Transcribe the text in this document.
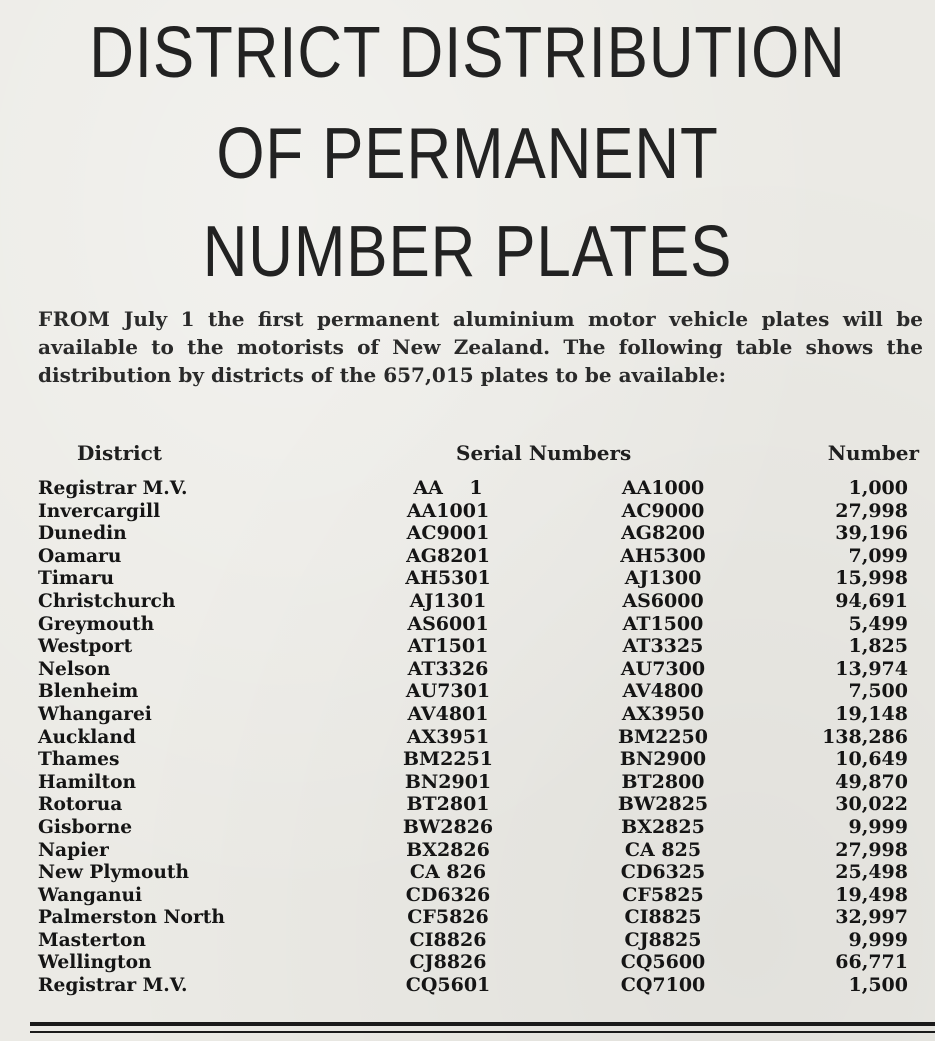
DISTRICT DISTRIBUTION
OF PERMANENT
NUMBER PLATES

FROM July 1 the first permanent aluminium motor vehicle plates will be available to the motorists of New Zealand. The following table shows the distribution by districts of the 657,015 plates to be available:

District	Serial Numbers	Number
Registrar M.V.	AA    1	AA1000	1,000
Invercargill	AA1001	AC9000	27,998
Dunedin	AC9001	AG8200	39,196
Oamaru	AG8201	AH5300	7,099
Timaru	AH5301	AJ1300	15,998
Christchurch	AJ1301	AS6000	94,691
Greymouth	AS6001	AT1500	5,499
Westport	AT1501	AT3325	1,825
Nelson	AT3326	AU7300	13,974
Blenheim	AU7301	AV4800	7,500
Whangarei	AV4801	AX3950	19,148
Auckland	AX3951	BM2250	138,286
Thames	BM2251	BN2900	10,649
Hamilton	BN2901	BT2800	49,870
Rotorua	BT2801	BW2825	30,022
Gisborne	BW2826	BX2825	9,999
Napier	BX2826	CA 825	27,998
New Plymouth	CA 826	CD6325	25,498
Wanganui	CD6326	CF5825	19,498
Palmerston North	CF5826	CI8825	32,997
Masterton	CI8826	CJ8825	9,999
Wellington	CJ8826	CQ5600	66,771
Registrar M.V.	CQ5601	CQ7100	1,500
